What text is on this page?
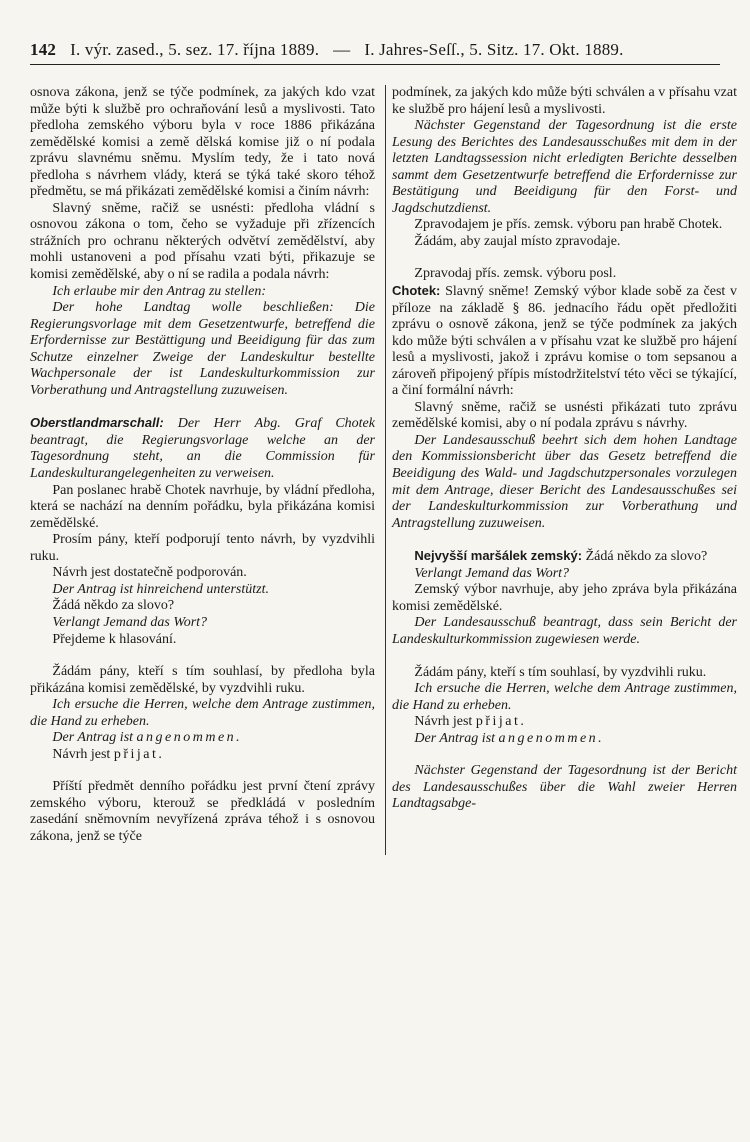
142 I. výr. zased., 5. sez. 17. října 1889. — I. Jahres-Seſſ., 5. Sitz. 17. Okt. 1889.

osnova zákona, jenž se týče podmínek, za jakých kdo vzat může býti k službě pro ochraňování lesů a myslivosti. Tato předloha zemského výboru byla v roce 1886 přikázána zemědělské komisi a země dělská komise již o ní podala zprávu slavnému sněmu. Myslím tedy, že i tato nová předloha s návrhem vlády, která se týká také skoro téhož předmětu, se má přikázati zemědělské komisi a činím návrh:

Slavný sněme, račiž se usnésti: předloha vládní s osnovou zákona o tom, čeho se vyžaduje při zřízencích strážních pro ochranu některých odvětví zemědělství, aby mohli ustanoveni a pod přísahu vzati býti, přikazuje se komisi zemědělské, aby o ní se radila a podala návrh:

Ich erlaube mir den Antrag zu stellen:

Der hohe Landtag wolle beschließen: Die Regierungsvorlage mit dem Gesetzentwurfe, betreffend die Erfordernisse zur Bestättigung und Beeidigung für das zum Schutze einzelner Zweige der Landeskultur bestellte Wachpersonale der ist Landeskulturkommission zur Vorberathung und Antragstellung zuzuweisen.

Oberstlandmarschall: Der Herr Abg. Graf Chotek beantragt, die Regierungsvorlage welche an der Tagesordnung steht, an die Commission für Landeskulturangelegenheiten zu verweisen.

Pan poslanec hrabě Chotek navrhuje, by vládní předloha, která se nachází na denním pořádku, byla přikázána komisi zemědělské.

Prosím pány, kteří podporují tento návrh, by vyzdvihli ruku.

Návrh jest dostatečně podporován.

Der Antrag ist hinreichend unterstützt.

Žádá někdo za slovo?

Verlangt Jemand das Wort?

Přejdeme k hlasování.

Žádám pány, kteří s tím souhlasí, by předloha byla přikázána komisi zemědělské, by vyzdvihli ruku.

Ich ersuche die Herren, welche dem Antrage zustimmen, die Hand zu erheben.

Der Antrag ist angenommen.

Návrh jest přijat.

Příští předmět denního pořádku jest první čtení zprávy zemského výboru, kterouž se předkládá v posledním zasedání sněmovním nevyřízená zpráva téhož i s osnovou zákona, jenž se týče

podmínek, za jakých kdo může býti schválen a v přísahu vzat ke službě pro hájení lesů a myslivosti.

Nächster Gegenstand der Tagesordnung ist die erste Lesung des Berichtes des Landesausschußes mit dem in der letzten Landtagssession nicht erledigten Berichte desselben sammt dem Gesetzentwurfe betreffend die Erfordernisse zur Bestätigung und Beeidigung für den Forst- und Jagdschutzdienst.

Zpravodajem je přís. zemsk. výboru pan hrabě Chotek.

Žádám, aby zaujal místo zpravodaje.

Zpravodaj přís. zemsk. výboru posl.

Chotek: Slavný sněme! Zemský výbor klade sobě za čest v příloze na základě § 86. jednacího řádu opět předložiti zprávu o osnově zákona, jenž se týče podmínek za jakých kdo může býti schválen a v přísahu vzat ke službě pro hájení lesů a myslivosti, jakož i zprávu komise o tom sepsanou a zároveň připojený přípis místodržitelství této věci se týkající, a činí formální návrh:

Slavný sněme, račiž se usnésti přikázati tuto zprávu zemědělské komisi, aby o ní podala zprávu s návrhy.

Der Landesausschuß beehrt sich dem hohen Landtage den Kommissionsbericht über das Gesetz betreffend die Beeidigung des Wald- und Jagdschutzpersonales vorzulegen mit dem Antrage, dieser Bericht des Landesausschußes sei der Landeskulturkommission zur Vorberathung und Antragstellung zuzuweisen.

Nejvyšší maršálek zemský: Žádá někdo za slovo?

Verlangt Jemand das Wort?

Zemský výbor navrhuje, aby jeho zpráva byla přikázána komisi zemědělské.

Der Landesausschuß beantragt, dass sein Bericht der Landeskulturkommission zugewiesen werde.

Žádám pány, kteří s tím souhlasí, by vyzdvihli ruku.

Ich ersuche die Herren, welche dem Antrage zustimmen, die Hand zu erheben.

Návrh jest přijat.

Der Antrag ist angenommen.

Nächster Gegenstand der Tagesordnung ist der Bericht des Landesausschußes über die Wahl zweier Herren Landtagsabge-
